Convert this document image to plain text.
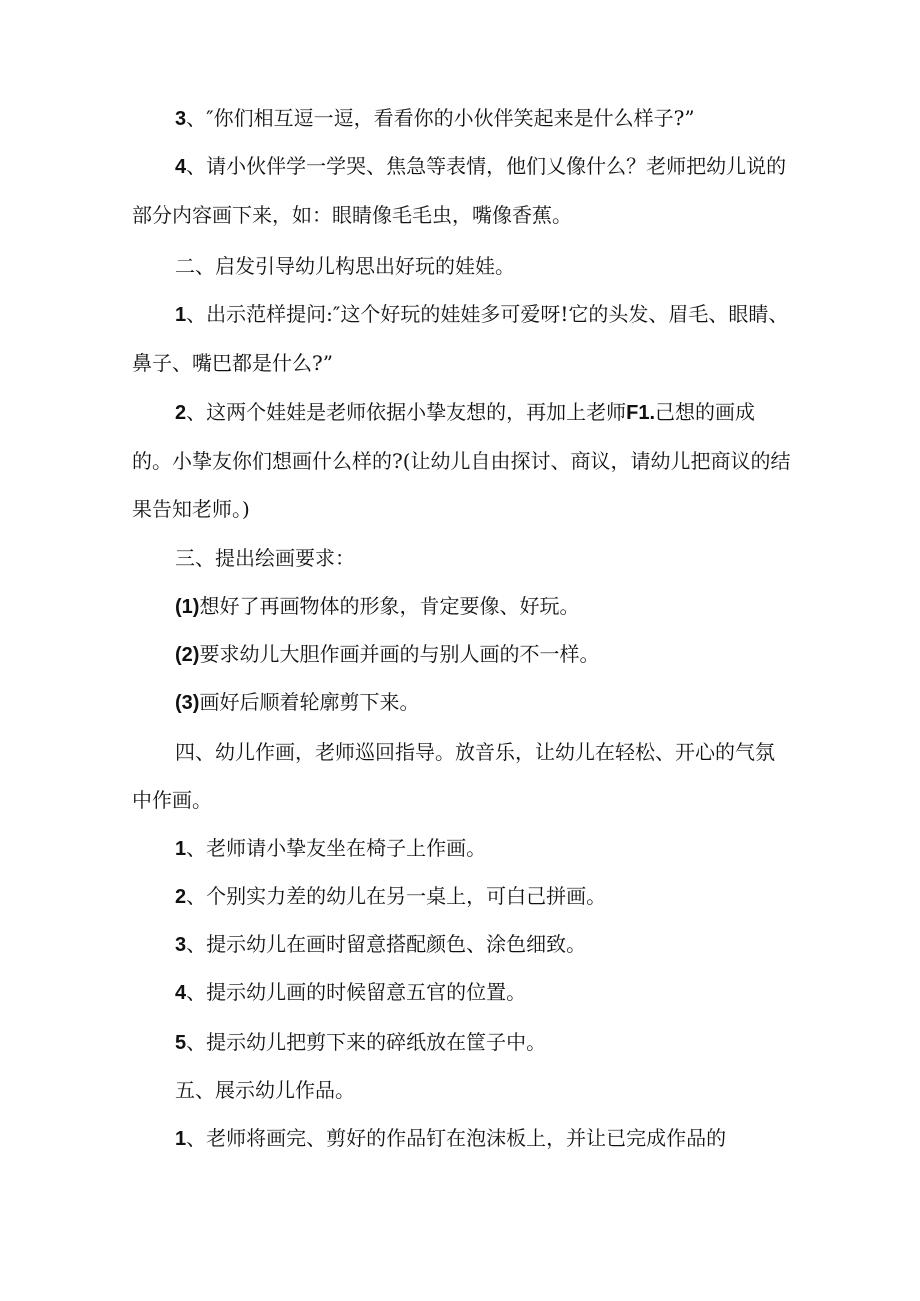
3、″你们相互逗一逗，看看你的小伙伴笑起来是什么样子?”

4、请小伙伴学一学哭、焦急等表情，他们乂像什么？老师把幼儿说的部分内容画下来，如：眼睛像毛毛虫，嘴像香蕉。

二、启发引导幼儿构思出好玩的娃娃。

1、出示范样提问:″这个好玩的娃娃多可爱呀!它的头发、眉毛、眼睛、鼻子、嘴巴都是什么?”

2、这两个娃娃是老师依据小挚友想的，再加上老师F1.己想的画成的。小挚友你们想画什么样的?(让幼儿自由探讨、商议，请幼儿把商议的结果告知老师。)

三、提出绘画要求：

(1)想好了再画物体的形象，肯定要像、好玩。

(2)要求幼儿大胆作画并画的与别人画的不一样。

(3)画好后顺着轮廓剪下来。

四、幼儿作画，老师巡回指导。放音乐，让幼儿在轻松、开心的气氛中作画。

1、老师请小挚友坐在椅子上作画。

2、个别实力差的幼儿在另一桌上，可白己拼画。

3、提示幼儿在画时留意搭配颜色、涂色细致。

4、提示幼儿画的时候留意五官的位置。

5、提示幼儿把剪下来的碎纸放在筐子中。

五、展示幼儿作品。

1、老师将画完、剪好的作品钉在泡沫板上，并让已完成作品的
